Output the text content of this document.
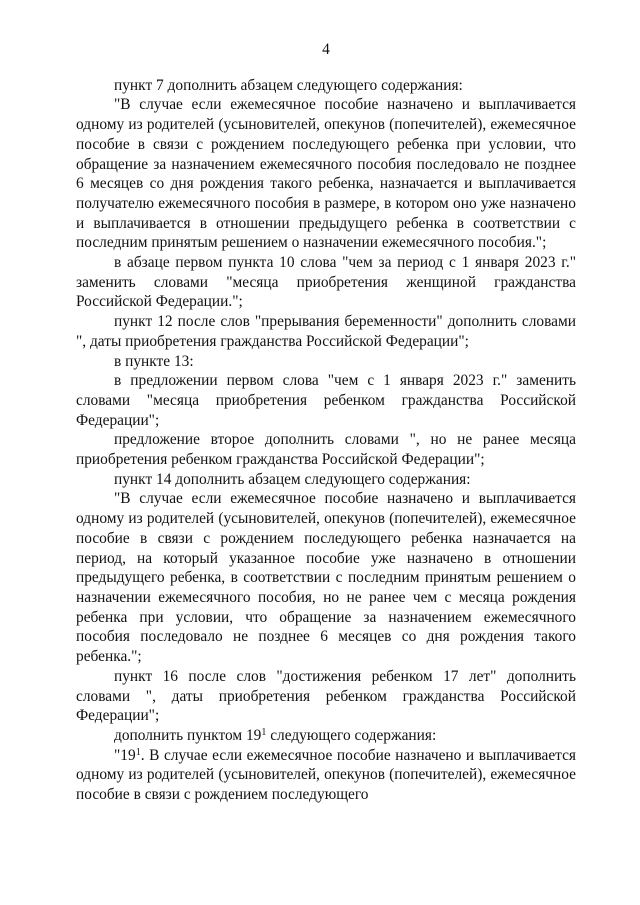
4

пункт 7 дополнить абзацем следующего содержания:

"В случае если ежемесячное пособие назначено и выплачивается одному из родителей (усыновителей, опекунов (попечителей), ежемесячное пособие в связи с рождением последующего ребенка при условии, что обращение за назначением ежемесячного пособия последовало не позднее 6 месяцев со дня рождения такого ребенка, назначается и выплачивается получателю ежемесячного пособия в размере, в котором оно уже назначено и выплачивается в отношении предыдущего ребенка в соответствии с последним принятым решением о назначении ежемесячного пособия.";

в абзаце первом пункта 10 слова "чем за период с 1 января 2023 г." заменить словами "месяца приобретения женщиной гражданства Российской Федерации.";

пункт 12 после слов "прерывания беременности" дополнить словами ", даты приобретения гражданства Российской Федерации";

в пункте 13:

в предложении первом слова "чем с 1 января 2023 г." заменить словами "месяца приобретения ребенком гражданства Российской Федерации";

предложение второе дополнить словами ", но не ранее месяца приобретения ребенком гражданства Российской Федерации";

пункт 14 дополнить абзацем следующего содержания:

"В случае если ежемесячное пособие назначено и выплачивается одному из родителей (усыновителей, опекунов (попечителей), ежемесячное пособие в связи с рождением последующего ребенка назначается на период, на который указанное пособие уже назначено в отношении предыдущего ребенка, в соответствии с последним принятым решением о назначении ежемесячного пособия, но не ранее чем с месяца рождения ребенка при условии, что обращение за назначением ежемесячного пособия последовало не позднее 6 месяцев со дня рождения такого ребенка.";

пункт 16 после слов "достижения ребенком 17 лет" дополнить словами ", даты приобретения ребенком гражданства Российской Федерации";

дополнить пунктом $19^1$ следующего содержания:

"$19^1$. В случае если ежемесячное пособие назначено и выплачивается одному из родителей (усыновителей, опекунов (попечителей), ежемесячное пособие в связи с рождением последующего
